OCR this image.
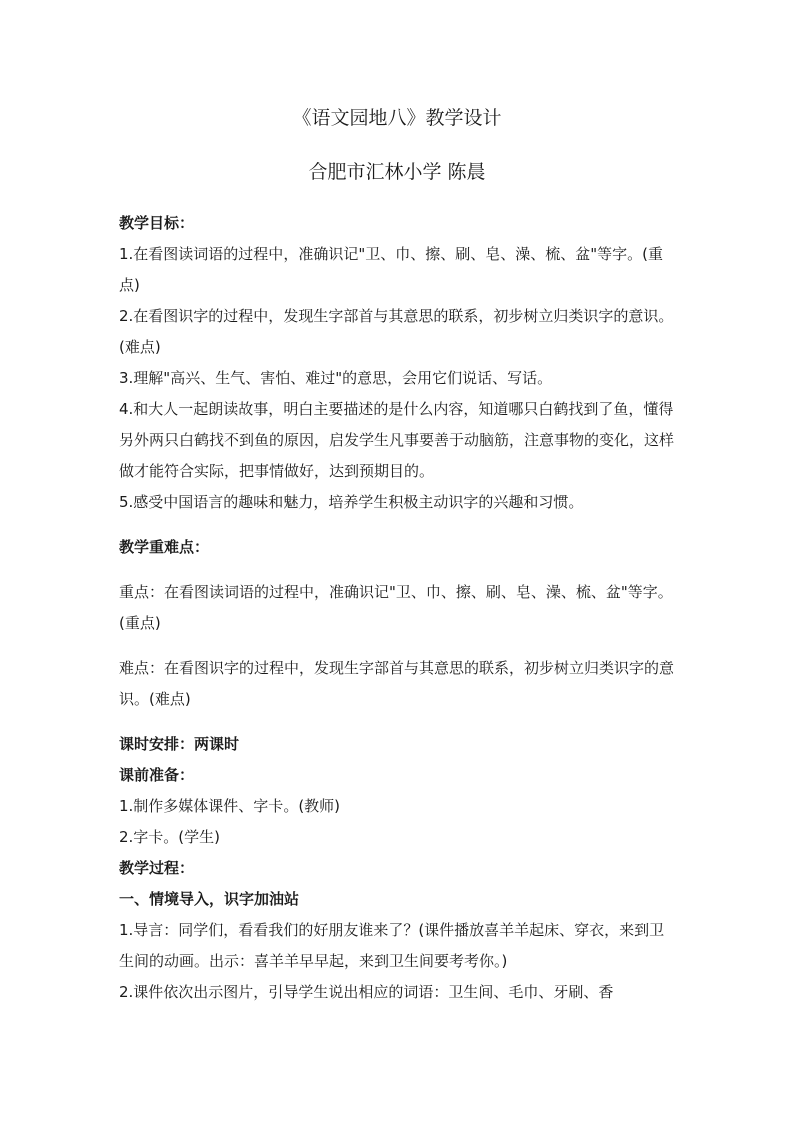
《语文园地八》教学设计
合肥市汇林小学 陈晨

教学目标：

1.在看图读词语的过程中，准确识记"卫、巾、擦、刷、皂、澡、梳、盆"等字。(重点)

2.在看图识字的过程中，发现生字部首与其意思的联系，初步树立归类识字的意识。(难点)

3.理解"高兴、生气、害怕、难过"的意思，会用它们说话、写话。

4.和大人一起朗读故事，明白主要描述的是什么内容，知道哪只白鹤找到了鱼，懂得另外两只白鹤找不到鱼的原因，启发学生凡事要善于动脑筋，注意事物的变化，这样做才能符合实际，把事情做好，达到预期目的。

5.感受中国语言的趣味和魅力，培养学生积极主动识字的兴趣和习惯。

教学重难点：

重点：在看图读词语的过程中，准确识记"卫、巾、擦、刷、皂、澡、梳、盆"等字。(重点)

难点：在看图识字的过程中，发现生字部首与其意思的联系，初步树立归类识字的意识。(难点)

课时安排：两课时

课前准备：

1.制作多媒体课件、字卡。(教师)

2.字卡。(学生)

教学过程：

一、情境导入，识字加油站

1.导言：同学们，看看我们的好朋友谁来了？(课件播放喜羊羊起床、穿衣，来到卫生间的动画。出示：喜羊羊早早起，来到卫生间要考考你。)

2.课件依次出示图片，引导学生说出相应的词语：卫生间、毛巾、牙刷、香
